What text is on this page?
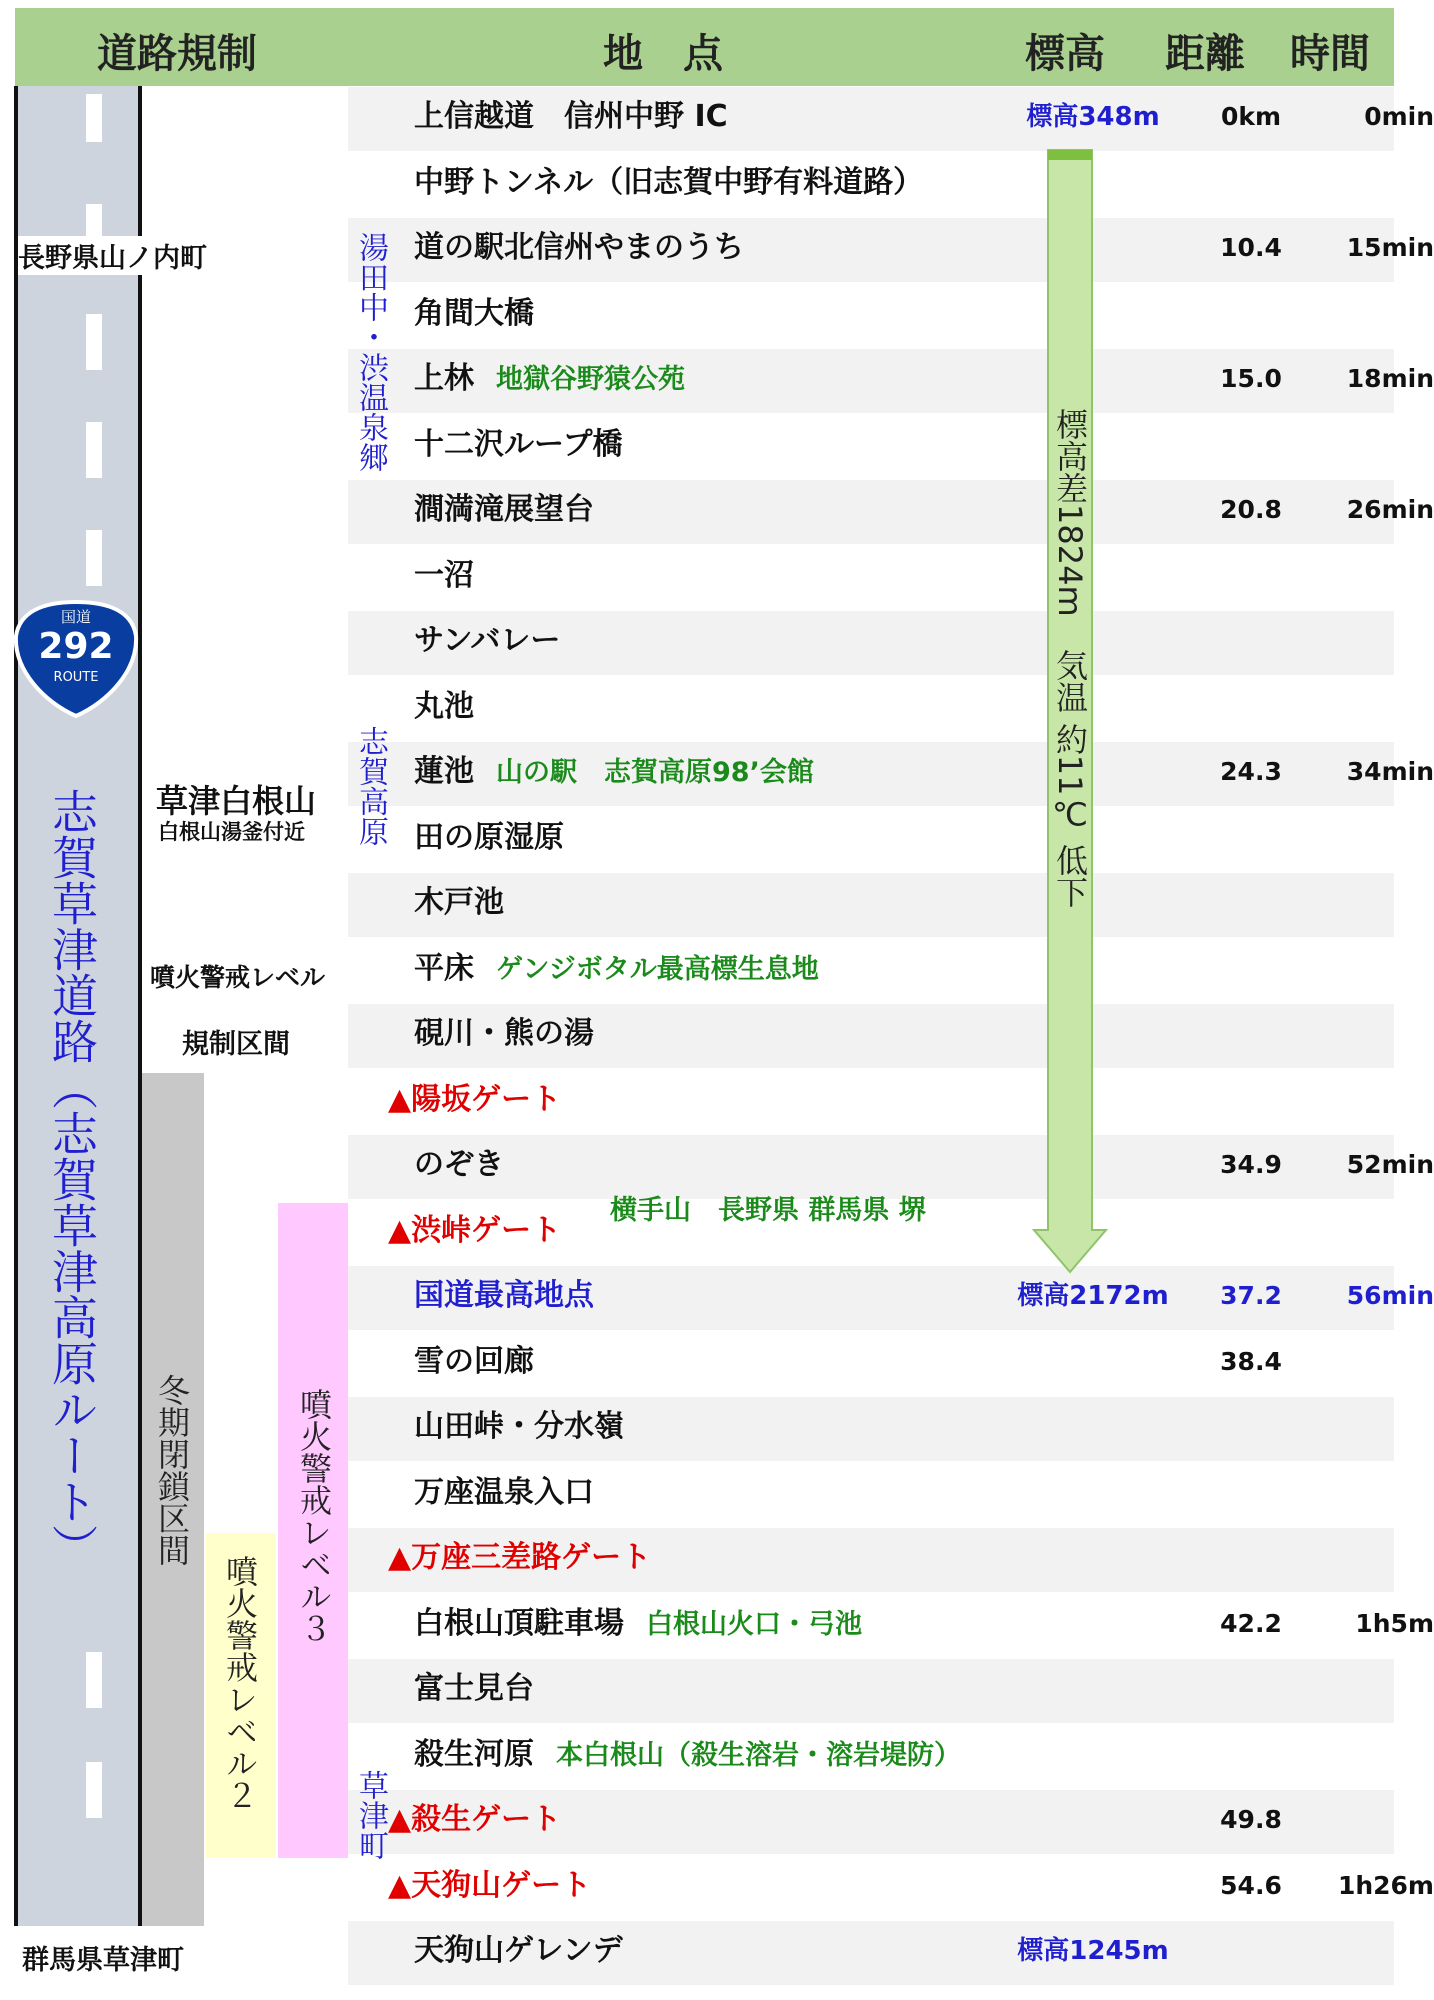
道路規制	地　点	標高 距離 時間
上信越道　信州中野 IC	標高348m	0km	0min
中野トンネル（旧志賀中野有料道路）
道の駅北信州やまのうち	10.4	15min
角間大橋
上林 地獄谷野猿公苑	15.0	18min
十二沢ループ橋
澗満滝展望台	20.8	26min
一沼
サンバレー
丸池
蓮池 山の駅　志賀高原98’会館	24.3	34min
田の原湿原
木戸池
平床 ゲンジボタル最高標生息地
硯川・熊の湯
▲陽坂ゲート
のぞき	34.9	52min
▲渋峠ゲート
国道最高地点	標高2172m	37.2	56min
雪の回廊	38.4
山田峠・分水嶺
万座温泉入口
▲万座三差路ゲート
白根山頂駐車場 白根山火口・弓池	42.2	1h5m
富士見台
殺生河原 本白根山（殺生溶岩・溶岩堤防）
▲殺生ゲート	49.8
▲天狗山ゲート	54.6	1h26m
天狗山ゲレンデ	標高1245m
国道
292
ROUTE
志賀草津道路（志賀草津高原ルート）
長野県山ノ内町
群馬県草津町
草津白根山
白根山湯釜付近
噴火警戒レベル
規制区間
湯田中・渋温泉郷
志賀高原
草津町
冬期閉鎖区間
噴火警戒レベル２
噴火警戒レベル３
横手山　長野県 群馬県 堺
標高差1824m　気温 約11℃ 低下
